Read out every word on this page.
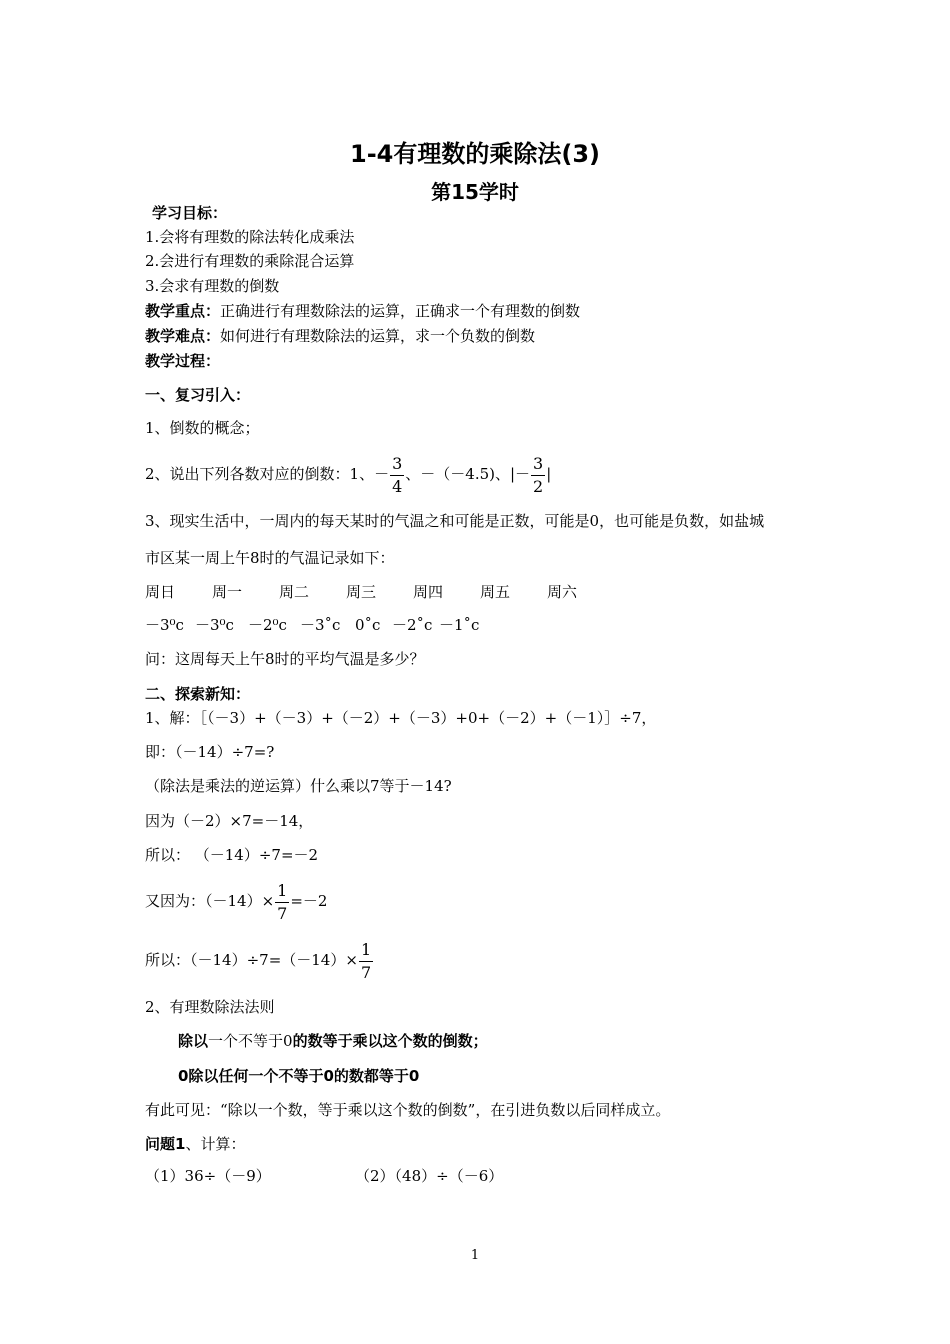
1-4有理数的乘除法(3)
第15学时
学习目标：
1.会将有理数的除法转化成乘法
2.会进行有理数的乘除混合运算
3.会求有理数的倒数
教学重点：正确进行有理数除法的运算，正确求一个有理数的倒数
教学难点：如何进行有理数除法的运算，求一个负数的倒数
教学过程：
一、复习引入：
1、倒数的概念；
2、说出下列各数对应的倒数：1、－ $\frac{3}{4}$ 、－（－4.5)、|－ $\frac{3}{2}$ |
3、现实生活中，一周内的每天某时的气温之和可能是正数，可能是0，也可能是负数，如盐城
市区某一周上午8时的气温记录如下：
周日 周一 周二 周三 周四 周五 周六
－3⁰c －3⁰c －2⁰c －3˚c 0˚c －2˚c －1˚c
问：这周每天上午8时的平均气温是多少？
二、探索新知：
1、解：［（－3）+（－3）+（－2）+（－3）+0+（－2）+（－1）］÷7，
即：（－14）÷7=?
（除法是乘法的逆运算）什么乘以7等于－14?
因为（－2）×7=－14，
所以： （－14）÷7=－2
又因为：$(-14)\times \frac{1}{7} =-2$
所以：$(-14)\div 7=(-14)\times \frac{1}{7}$
2、有理数除法法则
除以一个不等于0的数等于乘以这个数的倒数；
0除以任何一个不等于0的数都等于0
有此可见：“除以一个数，等于乘以这个数的倒数”，在引进负数以后同样成立。
问题1、计算：
（1）36÷（－9）	（2）（48）÷（－6）
1
